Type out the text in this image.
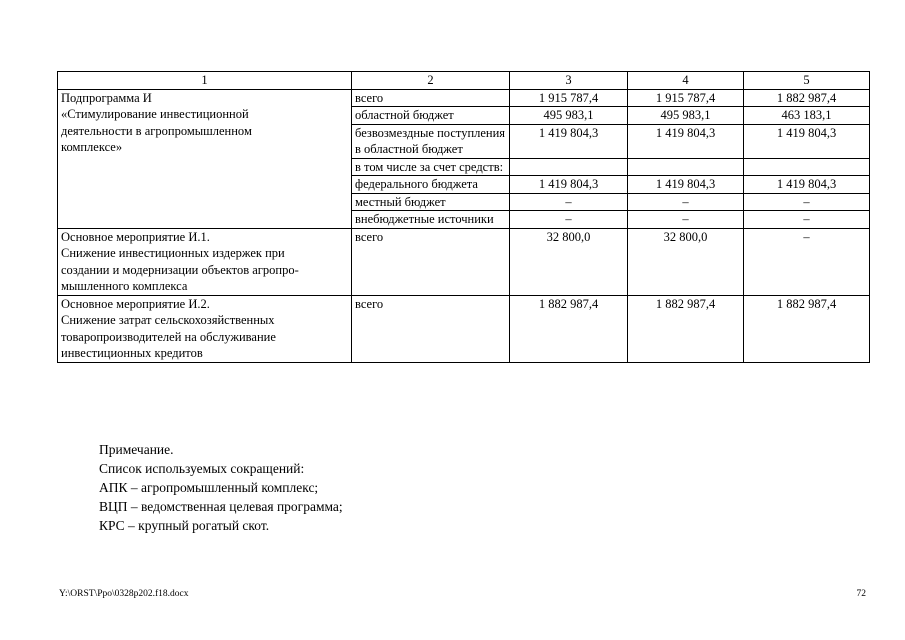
1	2	3	4	5
Подпрограмма И
«Стимулирование инвестиционной
деятельности в агропромышленном
комплексе»	всего	1 915 787,4	1 915 787,4	1 882 987,4
	областной бюджет	495 983,1	495 983,1	463 183,1
	безвозмездные поступления в областной бюджет	1 419 804,3	1 419 804,3	1 419 804,3
	в том числе за счет средств:			
	федерального бюджета	1 419 804,3	1 419 804,3	1 419 804,3
	местный бюджет	–	–	–
	внебюджетные источники	–	–	–
Основное мероприятие И.1.
Снижение инвестиционных издержек при
создании и модернизации объектов агропро-
мышленного комплекса	всего	32 800,0	32 800,0	–
Основное мероприятие И.2.
Снижение затрат сельскохозяйственных
товаропроизводителей на обслуживание
инвестиционных кредитов	всего	1 882 987,4	1 882 987,4	1 882 987,4
Примечание.
Список используемых сокращений:
АПК – агропромышленный комплекс;
ВЦП – ведомственная целевая программа;
КРС – крупный рогатый скот.
Y:\ORST\Ppo\0328p202.f18.docx	72
